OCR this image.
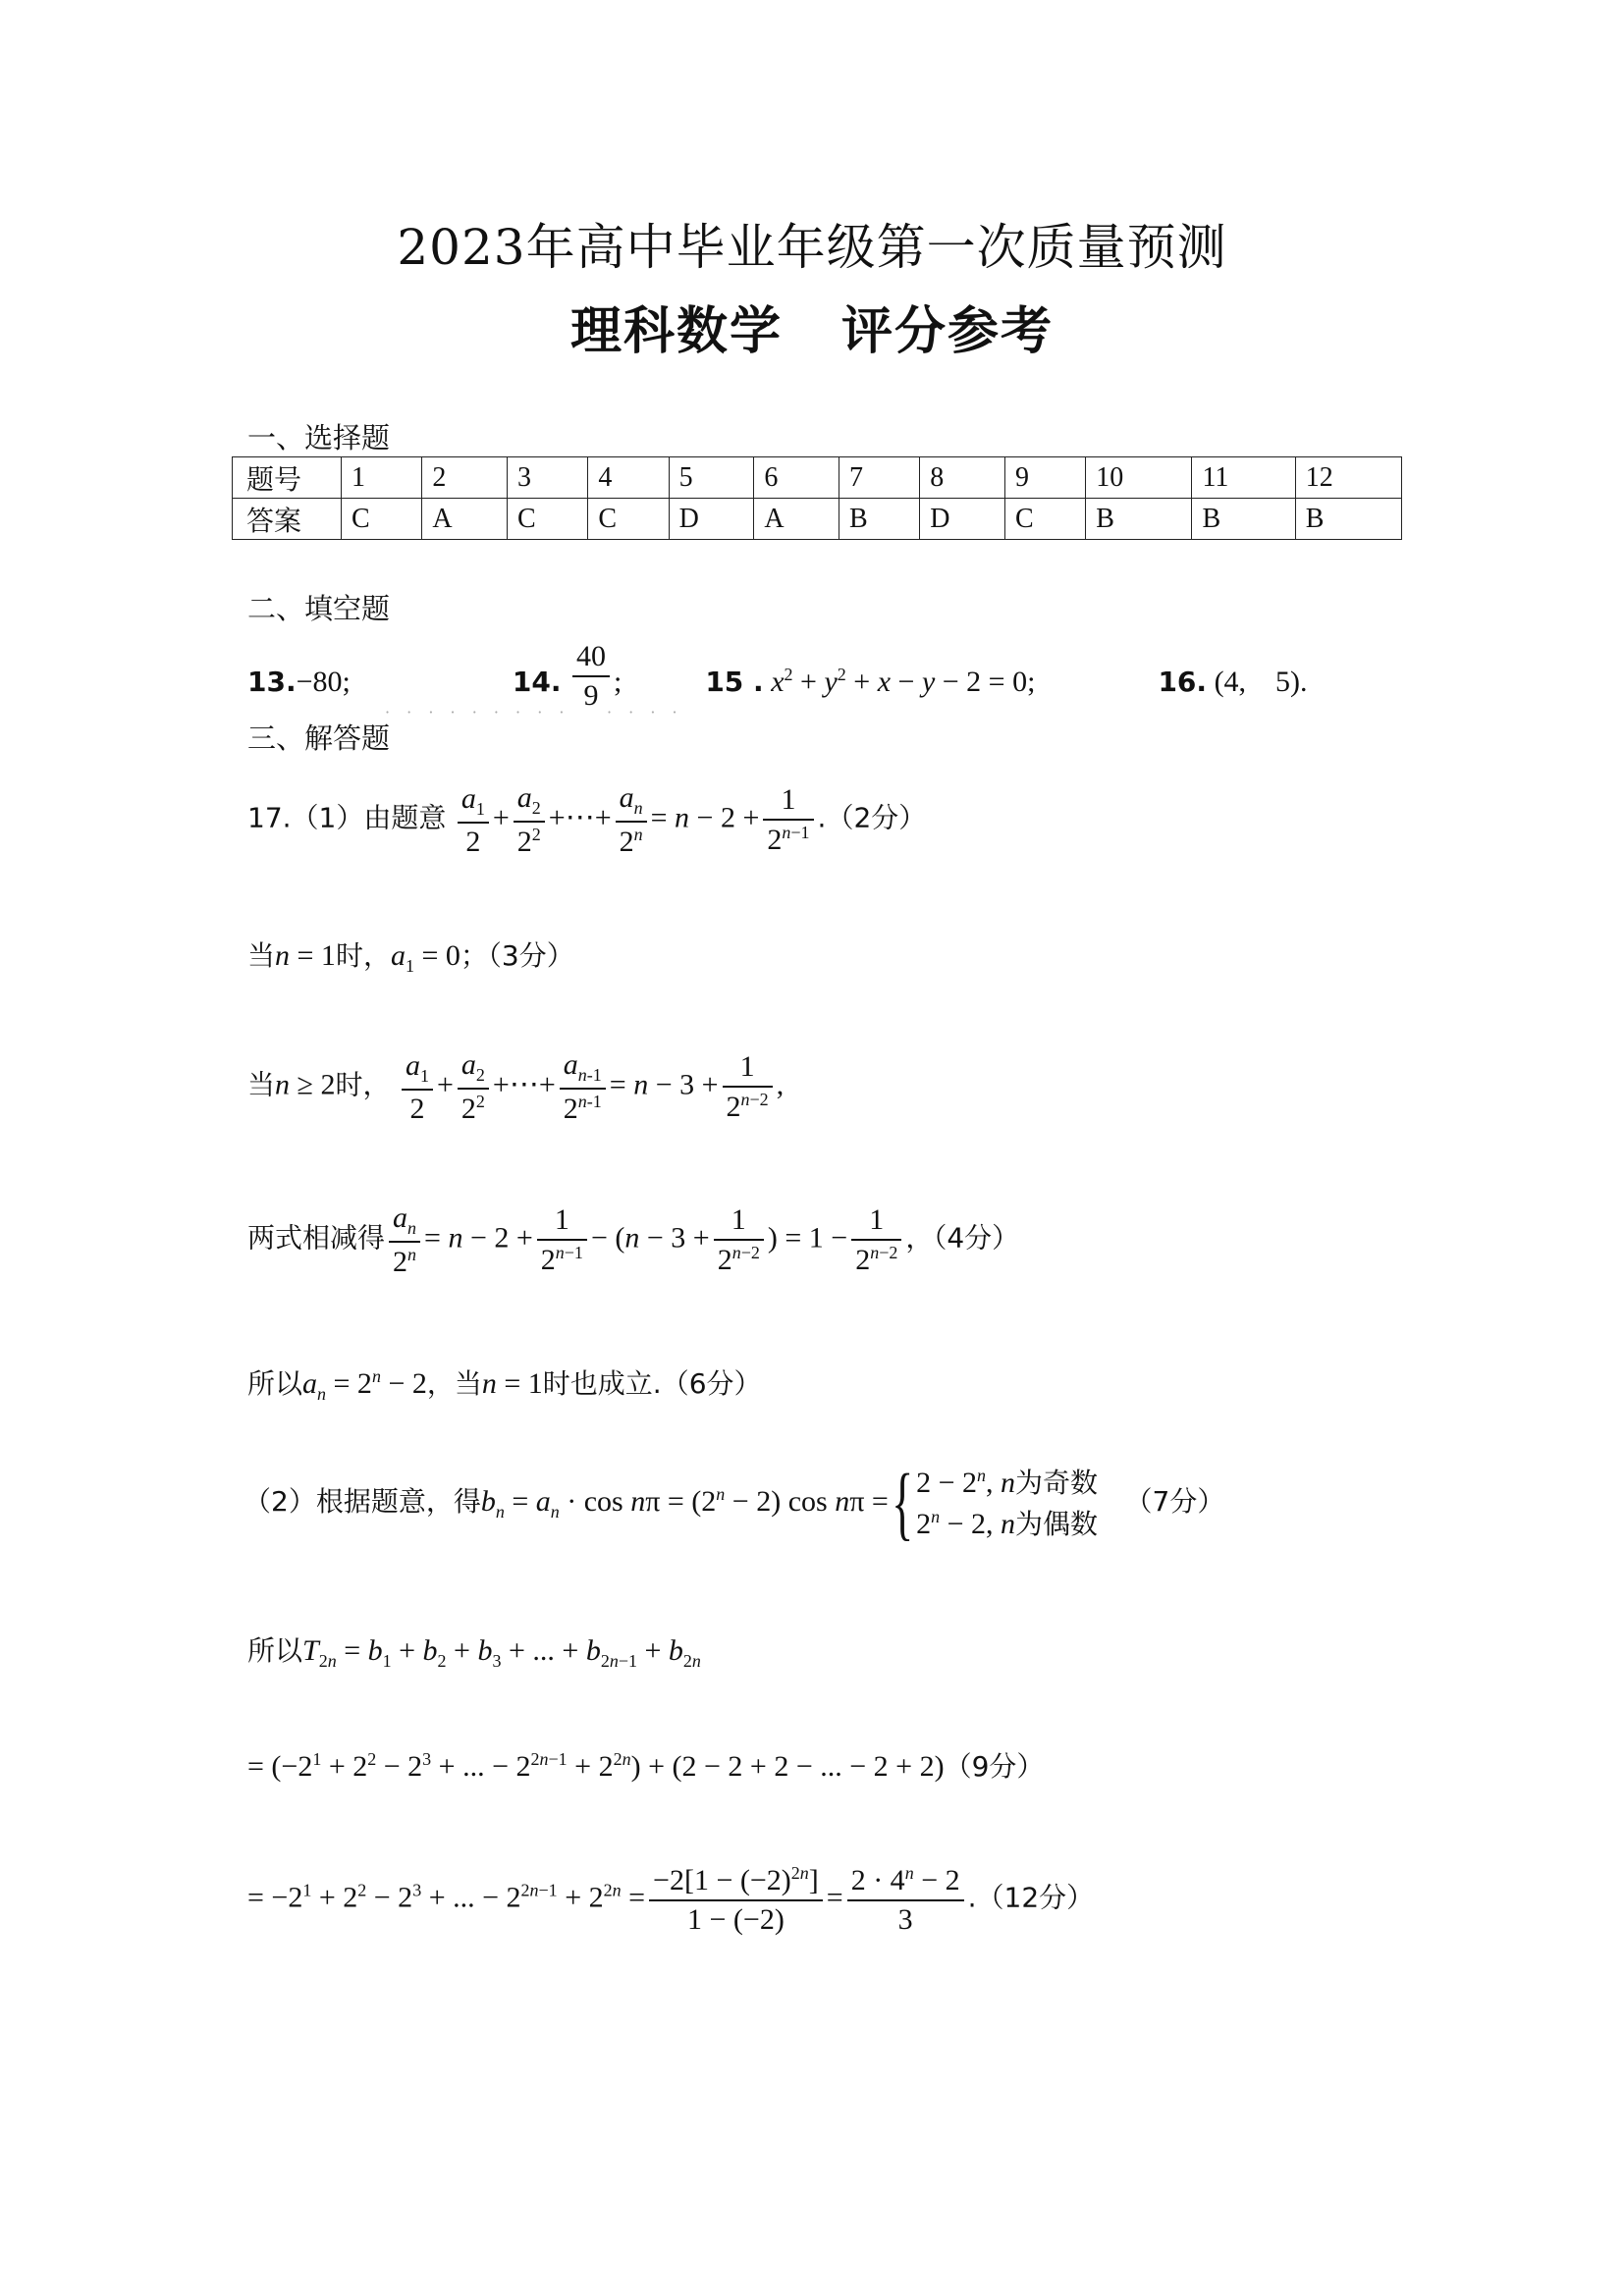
2023年高中毕业年级第一次质量预测
理科数学 评分参考
一、选择题
题号	1	2	3	4	5	6	7	8	9	10	11	12
答案	C	A	C	C	D	A	B	D	C	B	B	B
二、填空题
13.−80;	14. $\frac{40}{9}$ ;	15 . $x^2 + y^2 + x - y - 2 = 0$;	16. (4,　5).
· · · · · · · · · · · · ·
三、解答题
17.（1）由题意 $\frac{a_1}{2} + \frac{a_2}{2^2}$ +⋯+ $\frac{a_n}{2^n} = n - 2 + \frac{1}{2^{n-1}} .(2$分）
当n = 1时，$a_1 = 0$；（3分）
当n ≥ 2时， $\frac{a_1}{2} + \frac{a_2}{2^2}$ +⋯+ $\frac{a_{n-1}}{2^{n-1}} = n - 3 + \frac{1}{2^{n-2}}$ ,
两式相减得 $\frac{a_n}{2^n} = n - 2 + \frac{1}{2^{n-1}} - (n - 3 + \frac{1}{2^{n-2}}$ ) = $1 - \frac{1}{2^{n-2}}$ ，（4分）
所以$a_n = 2^n - 2$，当n = 1时也成立.（6分）
（2）根据题意，得$b_n = a_n \cdot \cos n\pi = (2^n - 2)$ cos nπ ={ $2 - 2^n$, n为奇数
$2^n - 2$, n为偶数
（7分）
所以$T_{2n} = b_1 + b_2 + b_3$ + ... + $b_{2n-1} + b_{2n}$
= ($-2^1 + 2^2 - 2^3$ + ... − $2^{2n-1} + 2^{2n}) + (2 - 2 + 2$ − ... − 2 + 2)（9分）
= $-2^1 + 2^2 - 2^3$ + ... − $2^{2n-1} + 2^{2n} = \frac{-2[1 - (-2)^{2n}]}{1 - (-2)} = \frac{2 \cdot 4^n - 2}{3} .(12$分）
